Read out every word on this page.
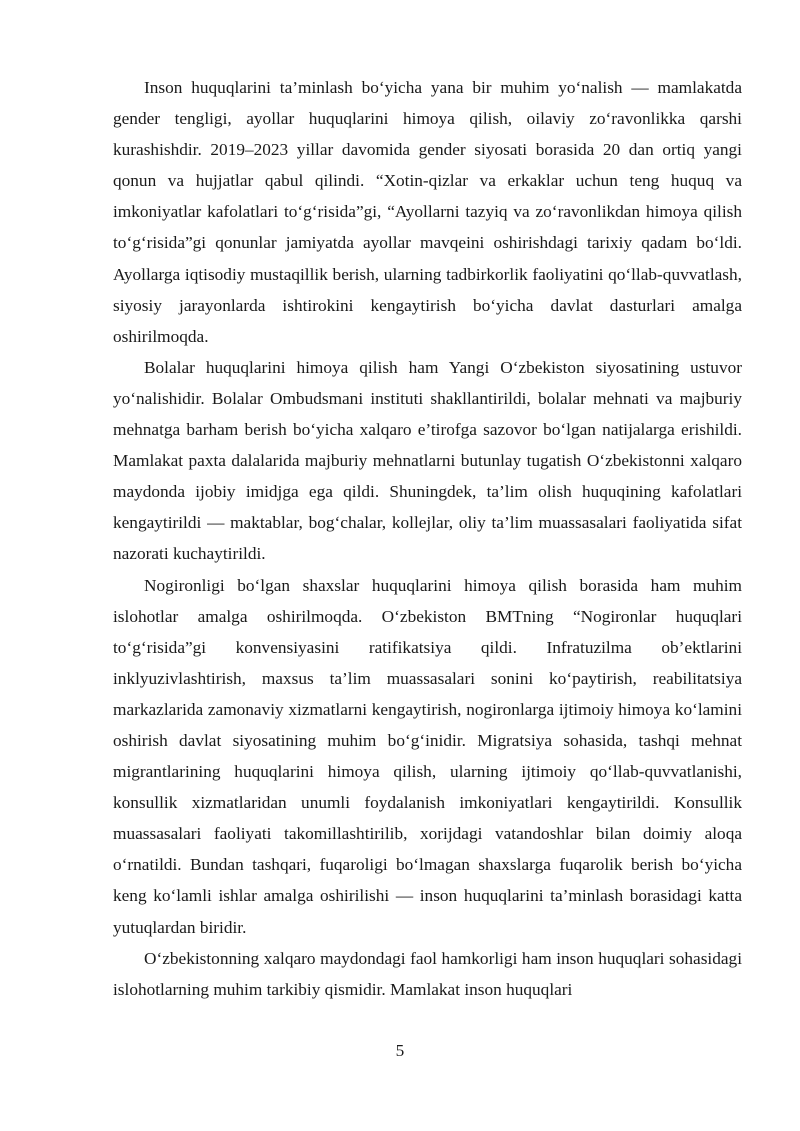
Inson huquqlarini ta’minlash bo‘yicha yana bir muhim yo‘nalish — mamlakatda gender tengligi, ayollar huquqlarini himoya qilish, oilaviy zo‘ravonlikka qarshi kurashishdir. 2019–2023 yillar davomida gender siyosati borasida 20 dan ortiq yangi qonun va hujjatlar qabul qilindi. “Xotin-qizlar va erkaklar uchun teng huquq va imkoniyatlar kafolatlari to‘g‘risida”gi, “Ayollarni tazyiq va zo‘ravonlikdan himoya qilish to‘g‘risida”gi qonunlar jamiyatda ayollar mavqeini oshirishdagi tarixiy qadam bo‘ldi. Ayollarga iqtisodiy mustaqillik berish, ularning tadbirkorlik faoliyatini qo‘llab-quvvatlash, siyosiy jarayonlarda ishtirokini kengaytirish bo‘yicha davlat dasturlari amalga oshirilmoqda.

Bolalar huquqlarini himoya qilish ham Yangi O‘zbekiston siyosatining ustuvor yo‘nalishidir. Bolalar Ombudsmani instituti shakllantirildi, bolalar mehnati va majburiy mehnatga barham berish bo‘yicha xalqaro e’tirofga sazovor bo‘lgan natijalarga erishildi. Mamlakat paxta dalalarida majburiy mehnatlarni butunlay tugatish O‘zbekistonni xalqaro maydonda ijobiy imidjga ega qildi. Shuningdek, ta’lim olish huquqining kafolatlari kengaytirildi — maktablar, bog‘chalar, kollejlar, oliy ta’lim muassasalari faoliyatida sifat nazorati kuchaytirildi.

Nogironligi bo‘lgan shaxslar huquqlarini himoya qilish borasida ham muhim islohotlar amalga oshirilmoqda. O‘zbekiston BMTning “Nogironlar huquqlari to‘g‘risida”gi konvensiyasini ratifikatsiya qildi. Infratuzilma ob’ektlarini inklyuzivlashtirish, maxsus ta’lim muassasalari sonini ko‘paytirish, reabilitatsiya markazlarida zamonaviy xizmatlarni kengaytirish, nogironlarga ijtimoiy himoya ko‘lamini oshirish davlat siyosatining muhim bo‘g‘inidir. Migratsiya sohasida, tashqi mehnat migrantlarining huquqlarini himoya qilish, ularning ijtimoiy qo‘llab-quvvatlanishi, konsullik xizmatlaridan unumli foydalanish imkoniyatlari kengaytirildi. Konsullik muassasalari faoliyati takomillashtirilib, xorijdagi vatandoshlar bilan doimiy aloqa o‘rnatildi. Bundan tashqari, fuqaroligi bo‘lmagan shaxslarga fuqarolik berish bo‘yicha keng ko‘lamli ishlar amalga oshirilishi — inson huquqlarini ta’minlash borasidagi katta yutuqlardan biridir.

O‘zbekistonning xalqaro maydondagi faol hamkorligi ham inson huquqlari sohasidagi islohotlarning muhim tarkibiy qismidir. Mamlakat inson huquqlari

5
